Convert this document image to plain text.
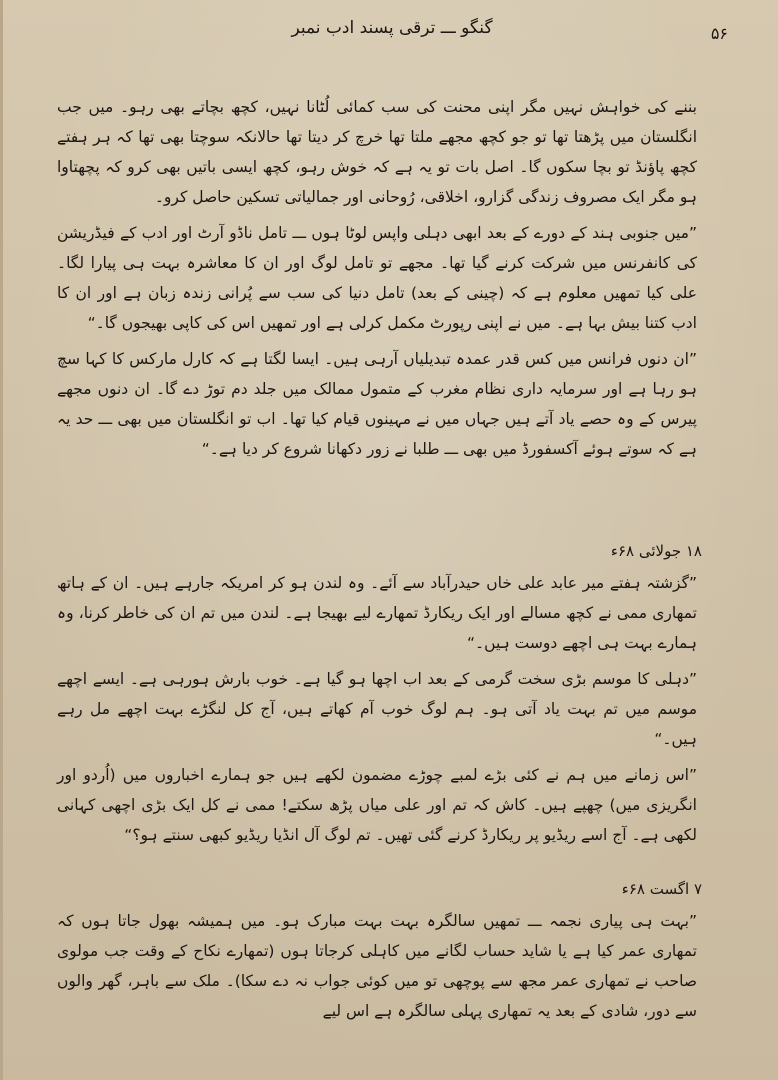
گنگو ـــ ترقی پسند ادب نمبر	۵۶

بننے کی خواہش نہیں مگر اپنی محنت کی سب کمائی لُٹانا نہیں، کچھ بچاتے بھی رہو۔ میں جب انگلستان میں پڑھتا تھا تو جو کچھ مجھے ملتا تھا خرچ کر دیتا تھا حالانکہ سوچتا بھی تھا کہ ہر ہفتے کچھ پاؤنڈ تو بچا سکوں گا۔ اصل بات تو یہ ہے کہ خوش رہو، کچھ ایسی باتیں بھی کرو کہ پچھتاوا ہو مگر ایک مصروف زندگی گزارو، اخلاقی، رُوحانی اور جمالیاتی تسکین حاصل کرو۔

”میں جنوبی ہند کے دورے کے بعد ابھی دہلی واپس لوٹا ہوں ـــ تامل ناڈو آرٹ اور ادب کے فیڈریشن کی کانفرنس میں شرکت کرنے گیا تھا۔ مجھے تو تامل لوگ اور ان کا معاشرہ بہت ہی پیارا لگا۔ علی کیا تمھیں معلوم ہے کہ (چینی کے بعد) تامل دنیا کی سب سے پُرانی زندہ زبان ہے اور ان کا ادب کتنا بیش بہا ہے۔ میں نے اپنی رپورٹ مکمل کرلی ہے اور تمھیں اس کی کاپی بھیجوں گا۔“

”ان دنوں فرانس میں کس قدر عمدہ تبدیلیاں آرہی ہیں۔ ایسا لگتا ہے کہ کارل مارکس کا کہا سچ ہو رہا ہے اور سرمایہ داری نظام مغرب کے متمول ممالک میں جلد دم توڑ دے گا۔ ان دنوں مجھے پیرس کے وہ حصے یاد آتے ہیں جہاں میں نے مہینوں قیام کیا تھا۔ اب تو انگلستان میں بھی ـــ حد یہ ہے کہ سوتے ہوئے آکسفورڈ میں بھی ـــ طلبا نے زور دکھانا شروع کر دیا ہے۔“

۱۸ جولائی ۶۸ء

”گزشتہ ہفتے میر عابد علی خاں حیدرآباد سے آئے۔ وہ لندن ہو کر امریکہ جارہے ہیں۔ ان کے ہاتھ تمھاری ممی نے کچھ مسالے اور ایک ریکارڈ تمھارے لیے بھیجا ہے۔ لندن میں تم ان کی خاطر کرنا، وہ ہمارے بہت ہی اچھے دوست ہیں۔“

”دہلی کا موسم بڑی سخت گرمی کے بعد اب اچھا ہو گیا ہے۔ خوب بارش ہورہی ہے۔ ایسے اچھے موسم میں تم بہت یاد آتی ہو۔ ہم لوگ خوب آم کھاتے ہیں، آج کل لنگڑے بہت اچھے مل رہے ہیں۔“

”اس زمانے میں ہم نے کئی بڑے لمبے چوڑے مضمون لکھے ہیں جو ہمارے اخباروں میں (اُردو اور انگریزی میں) چھپے ہیں۔ کاش کہ تم اور علی میاں پڑھ سکتے! ممی نے کل ایک بڑی اچھی کہانی لکھی ہے۔ آج اسے ریڈیو پر ریکارڈ کرنے گئی تھیں۔ تم لوگ آل انڈیا ریڈیو کبھی سنتے ہو؟“

۷ اگست ۶۸ء

”بہت ہی پیاری نجمہ ـــ تمھیں سالگرہ بہت بہت مبارک ہو۔ میں ہمیشہ بھول جاتا ہوں کہ تمھاری عمر کیا ہے یا شاید حساب لگانے میں کاہلی کرجاتا ہوں (تمھارے نکاح کے وقت جب مولوی صاحب نے تمھاری عمر مجھ سے پوچھی تو میں کوئی جواب نہ دے سکا)۔ ملک سے باہر، گھر والوں سے دور، شادی کے بعد یہ تمھاری پہلی سالگرہ ہے اس لیے
